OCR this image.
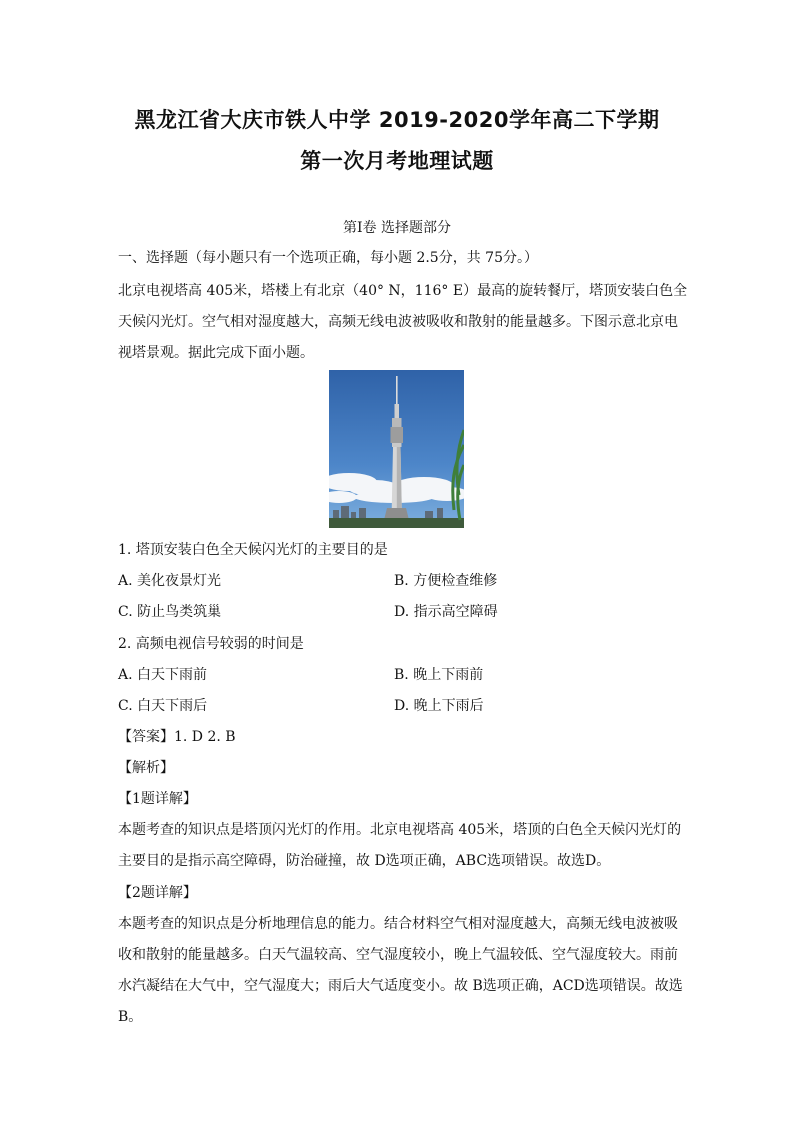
黑龙江省大庆市铁人中学 2019-2020学年高二下学期
第一次月考地理试题
第Ⅰ卷 选择题部分
一、选择题（每小题只有一个选项正确，每小题 2.5分，共 75分。）
北京电视塔高 405米，塔楼上有北京（40° N，116° E）最高的旋转餐厅，塔顶安装白色全
天候闪光灯。空气相对湿度越大，高频无线电波被吸收和散射的能量越多。下图示意北京电
视塔景观。据此完成下面小题。
1. 塔顶安装白色全天候闪光灯的主要目的是
A. 美化夜景灯光	B. 方便检查维修
C. 防止鸟类筑巢	D. 指示高空障碍
2. 高频电视信号较弱的时间是
A. 白天下雨前	B. 晚上下雨前
C. 白天下雨后	D. 晚上下雨后
【答案】1. D 2. B
【解析】
【1题详解】
本题考查的知识点是塔顶闪光灯的作用。北京电视塔高 405米，塔顶的白色全天候闪光灯的
主要目的是指示高空障碍，防治碰撞，故 D选项正确，ABC选项错误。故选D。
【2题详解】
本题考查的知识点是分析地理信息的能力。结合材料空气相对湿度越大，高频无线电波被吸
收和散射的能量越多。白天气温较高、空气湿度较小，晚上气温较低、空气湿度较大。雨前
水汽凝结在大气中，空气湿度大；雨后大气适度变小。故 B选项正确，ACD选项错误。故选
B。
